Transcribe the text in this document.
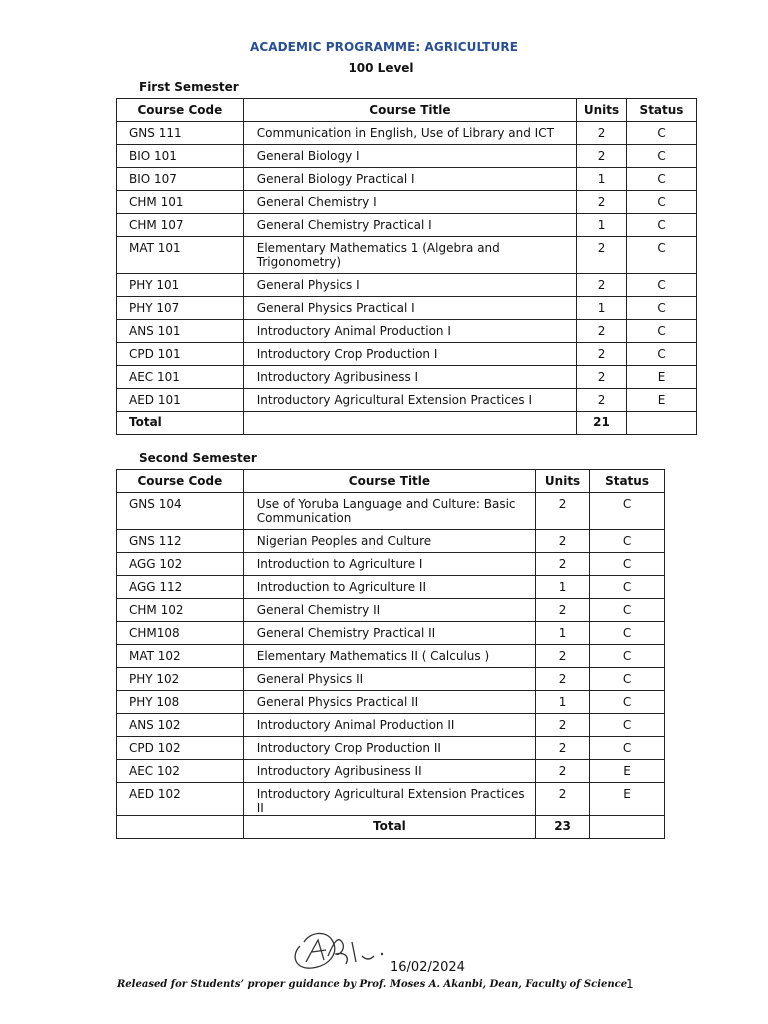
ACADEMIC PROGRAMME: AGRICULTURE
100 Level
First Semester
Course Code	Course Title	Units	Status
GNS 111	Communication in English, Use of Library and ICT	2	C
BIO 101	General Biology I	2	C
BIO 107	General Biology Practical I	1	C
CHM 101	General Chemistry I	2	C
CHM 107	General Chemistry Practical I	1	C
MAT 101	Elementary Mathematics 1 (Algebra and Trigonometry)	2	C
PHY 101	General Physics I	2	C
PHY 107	General Physics Practical I	1	C
ANS 101	Introductory Animal Production I	2	C
CPD 101	Introductory Crop Production I	2	C
AEC 101	Introductory Agribusiness I	2	E
AED 101	Introductory Agricultural Extension Practices I	2	E
Total		21	
Second Semester
Course Code	Course Title	Units	Status
GNS 104	Use of Yoruba Language and Culture: Basic Communication	2	C
GNS 112	Nigerian Peoples and Culture	2	C
AGG 102	Introduction to Agriculture I	2	C
AGG 112	Introduction to Agriculture II	1	C
CHM 102	General Chemistry II	2	C
CHM108	General Chemistry Practical II	1	C
MAT 102	Elementary Mathematics II ( Calculus )	2	C
PHY 102	General Physics II	2	C
PHY 108	General Physics Practical II	1	C
ANS 102	Introductory Animal Production II	2	C
CPD 102	Introductory Crop Production II	2	C
AEC 102	Introductory Agribusiness II	2	E
AED 102	Introductory Agricultural Extension Practices II	2	E
	Total	23	
16/02/2024
Released for Students’ proper guidance by Prof. Moses A. Akanbi, Dean, Faculty of Science
1
